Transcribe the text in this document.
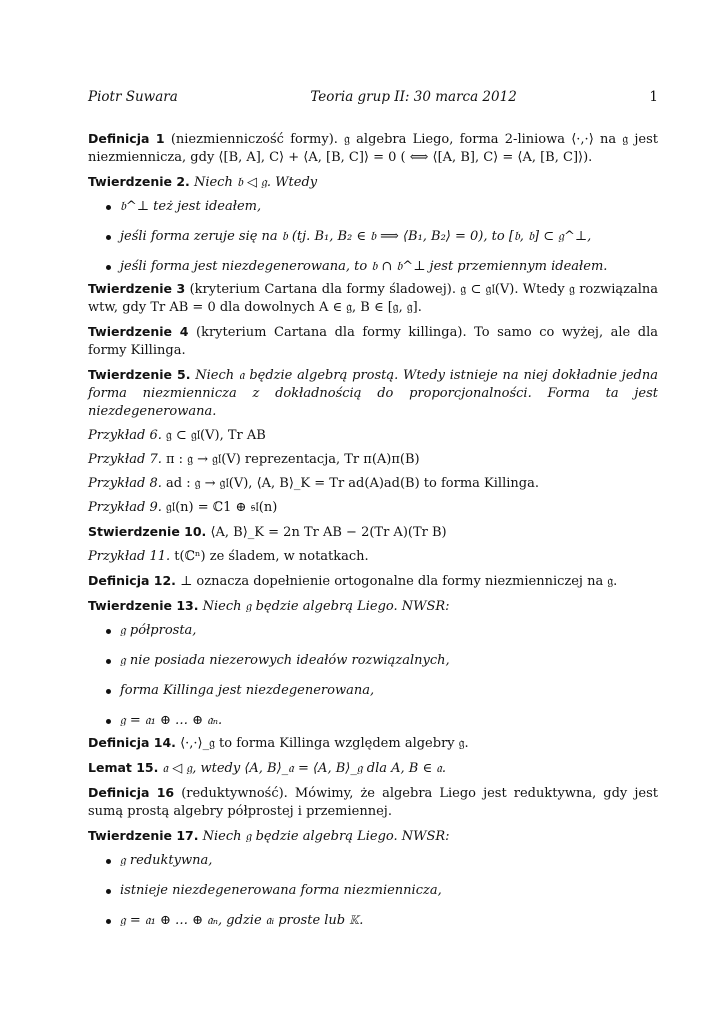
Piotr Suwara	Teoria grup II: 30 marca 2012	1

Definicja 1 (niezmienniczość formy). 𝔤 algebra Liego, forma 2-liniowa ⟨·,·⟩ na 𝔤 jest niezmiennicza, gdy ⟨[B, A], C⟩ + ⟨A, [B, C]⟩ = 0 ( ⟺ ⟨[A, B], C⟩ = ⟨A, [B, C]⟩).

Twierdzenie 2. Niech 𝔟 ◁ 𝔤. Wtedy

𝔟^⊥ też jest ideałem,
jeśli forma zeruje się na 𝔟 (tj. B₁, B₂ ∈ 𝔟 ⟹ ⟨B₁, B₂⟩ = 0), to [𝔟, 𝔟] ⊂ 𝔤^⊥,
jeśli forma jest niezdegenerowana, to 𝔟 ∩ 𝔟^⊥ jest przemiennym ideałem.

Twierdzenie 3 (kryterium Cartana dla formy śladowej). 𝔤 ⊂ 𝔤𝔩(V). Wtedy 𝔤 rozwiązalna wtw, gdy Tr AB = 0 dla dowolnych A ∈ 𝔤, B ∈ [𝔤, 𝔤].

Twierdzenie 4 (kryterium Cartana dla formy killinga). To samo co wyżej, ale dla formy Killinga.

Twierdzenie 5. Niech 𝔞 będzie algebrą prostą. Wtedy istnieje na niej dokładnie jedna forma niezmiennicza z dokładnością do proporcjonalności. Forma ta jest niezdegenerowana.

Przykład 6. 𝔤 ⊂ 𝔤𝔩(V), Tr AB

Przykład 7. π : 𝔤 → 𝔤𝔩(V) reprezentacja, Tr π(A)π(B)

Przykład 8. ad : 𝔤 → 𝔤𝔩(V), ⟨A, B⟩_K = Tr ad(A)ad(B) to forma Killinga.

Przykład 9. 𝔤𝔩(n) = ℂ1 ⊕ 𝔰𝔩(n)

Stwierdzenie 10. ⟨A, B⟩_K = 2n Tr AB − 2(Tr A)(Tr B)

Przykład 11. t(ℂⁿ) ze śladem, w notatkach.

Definicja 12. ⊥ oznacza dopełnienie ortogonalne dla formy niezmienniczej na 𝔤.

Twierdzenie 13. Niech 𝔤 będzie algebrą Liego. NWSR:

𝔤 półprosta,
𝔤 nie posiada niezerowych ideałów rozwiązalnych,
forma Killinga jest niezdegenerowana,
𝔤 = 𝔞₁ ⊕ … ⊕ 𝔞ₙ.

Definicja 14. ⟨·,·⟩_𝔤 to forma Killinga względem algebry 𝔤.

Lemat 15. 𝔞 ◁ 𝔤, wtedy ⟨A, B⟩_𝔞 = ⟨A, B⟩_𝔤 dla A, B ∈ 𝔞.

Definicja 16 (reduktywność). Mówimy, że algebra Liego jest reduktywna, gdy jest sumą prostą algebry półprostej i przemiennej.

Twierdzenie 17. Niech 𝔤 będzie algebrą Liego. NWSR:

𝔤 reduktywna,
istnieje niezdegenerowana forma niezmiennicza,
𝔤 = 𝔞₁ ⊕ … ⊕ 𝔞ₙ, gdzie 𝔞ᵢ proste lub 𝕂.
